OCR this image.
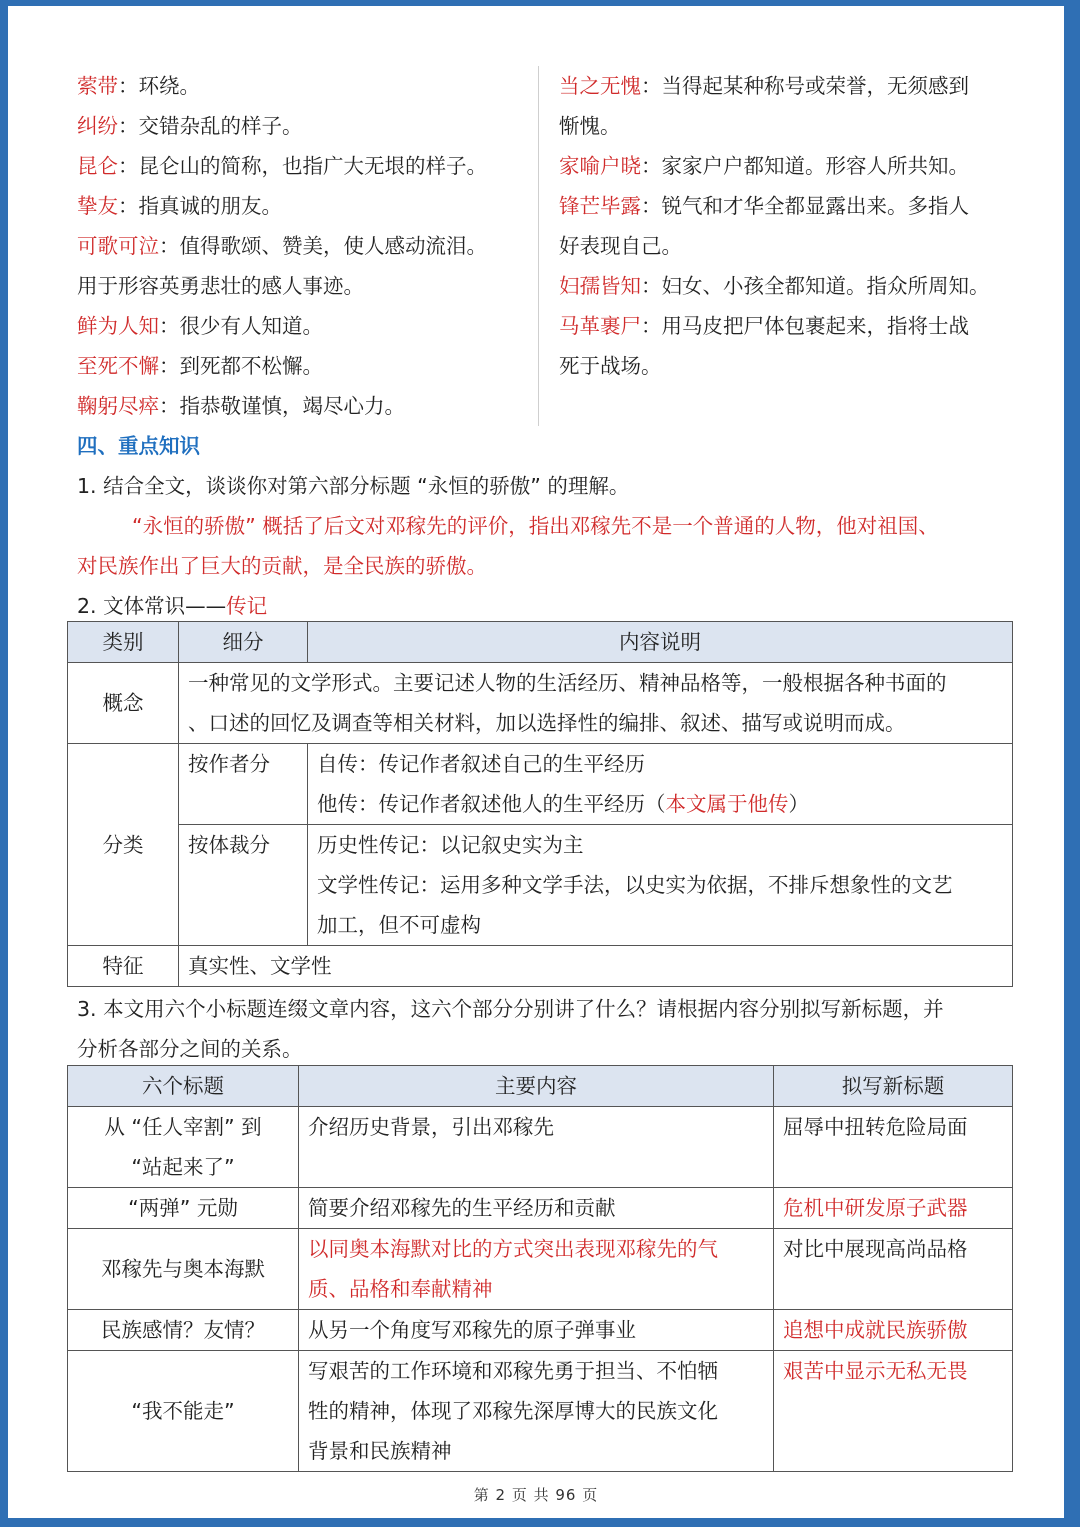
萦带：环绕。
纠纷：交错杂乱的样子。
昆仑：昆仑山的简称，也指广大无垠的样子。
挚友：指真诚的朋友。
可歌可泣：值得歌颂、赞美，使人感动流泪。
用于形容英勇悲壮的感人事迹。
鲜为人知：很少有人知道。
至死不懈：到死都不松懈。
鞠躬尽瘁：指恭敬谨慎，竭尽心力。
当之无愧：当得起某种称号或荣誉，无须感到
惭愧。
家喻户晓：家家户户都知道。形容人所共知。
锋芒毕露：锐气和才华全都显露出来。多指人
好表现自己。
妇孺皆知：妇女、小孩全都知道。指众所周知。
马革裹尸：用马皮把尸体包裹起来，指将士战
死于战场。
四、重点知识
1. 结合全文，谈谈你对第六部分标题 “永恒的骄傲” 的理解。
“永恒的骄傲” 概括了后文对邓稼先的评价，指出邓稼先不是一个普通的人物，他对祖国、
对民族作出了巨大的贡献，是全民族的骄傲。
2. 文体常识——传记
类别	细分	内容说明
概念	一种常见的文学形式。主要记述人物的生活经历、精神品格等，一般根据各种书面的
、口述的回忆及调查等相关材料，加以选择性的编排、叙述、描写或说明而成。	

分类	按作者分	自传：传记作者叙述自己的生平经历
他传：传记作者叙述他人的生平经历（本文属于他传）

	按体裁分	历史性传记：以记叙史实为主
文学性传记：运用多种文学手法，以史实为依据，不排斥想象性的文艺
加工，但不可虚构

特征	真实性、文学性	
3. 本文用六个小标题连缀文章内容，这六个部分分别讲了什么？请根据内容分别拟写新标题，并
分析各部分之间的关系。
六个标题	主要内容	拟写新标题

从 “任人宰割” 到
“站起来了”	介绍历史背景，引出邓稼先	屈辱中扭转危险局面
“两弹” 元勋	简要介绍邓稼先的生平经历和贡献	危机中研发原子武器
邓稼先与奥本海默	以同奥本海默对比的方式突出表现邓稼先的气
质、品格和奉献精神	对比中展现高尚品格
民族感情？友情？	从另一个角度写邓稼先的原子弹事业	追想中成就民族骄傲
“我不能走”	写艰苦的工作环境和邓稼先勇于担当、不怕牺
牲的精神，体现了邓稼先深厚博大的民族文化
背景和民族精神	艰苦中显示无私无畏
第 2 页 共 96 页
